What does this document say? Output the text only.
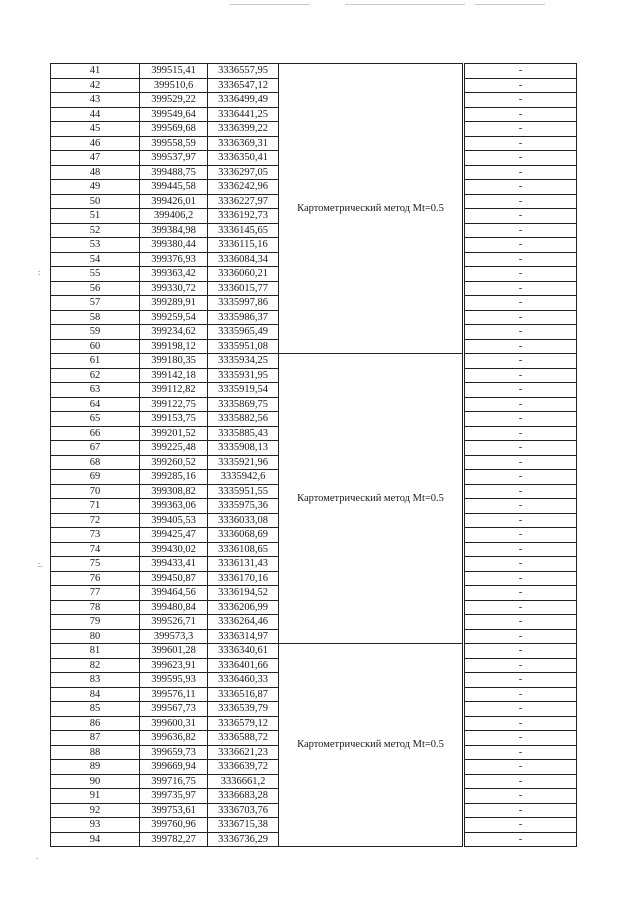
41	399515,41	3336557,95	Картометрический метод Mt=0.5		-
42	399510,6	3336547,12			-
43	399529,22	3336499,49			-
44	399549,64	3336441,25			-
45	399569,68	3336399,22			-
46	399558,59	3336369,31			-
47	399537,97	3336350,41			-
48	399488,75	3336297,05			-
49	399445,58	3336242,96			-
50	399426,01	3336227,97			-
51	399406,2	3336192,73			-
52	399384,98	3336145,65			-
53	399380,44	3336115,16			-
54	399376,93	3336084,34			-
55	399363,42	3336060,21			-
56	399330,72	3336015,77			-
57	399289,91	3335997,86			-
58	399259,54	3335986,37			-
59	399234,62	3335965,49			-
60	399198,12	3335951,08			-
61	399180,35	3335934,25	Картометрический метод Mt=0.5		-
62	399142,18	3335931,95			-
63	399112,82	3335919,54			-
64	399122,75	3335869,75			-
65	399153,75	3335882,56			-
66	399201,52	3335885,43			-
67	399225,48	3335908,13			-
68	399260,52	3335921,96			-
69	399285,16	3335942,6			-
70	399308,82	3335951,55			-
71	399363,06	3335975,36			-
72	399405,53	3336033,08			-
73	399425,47	3336068,69			-
74	399430,02	3336108,65			-
75	399433,41	3336131,43			-
76	399450,87	3336170,16			-
77	399464,56	3336194,52			-
78	399480,84	3336206,99			-
79	399526,71	3336264,46			-
80	399573,3	3336314,97			-
81	399601,28	3336340,61	Картометрический метод Mt=0.5		-
82	399623,91	3336401,66			-
83	399595,93	3336460,33			-
84	399576,11	3336516,87			-
85	399567,73	3336539,79			-
86	399600,31	3336579,12			-
87	399636,82	3336588,72			-
88	399659,73	3336621,23			-
89	399669,94	3336639,72			-
90	399716,75	3336661,2			-
91	399735,97	3336683,28			-
92	399753,61	3336703,76			-
93	399760,96	3336715,38			-
94	399782,27	3336736,29			-
:
:.
.
